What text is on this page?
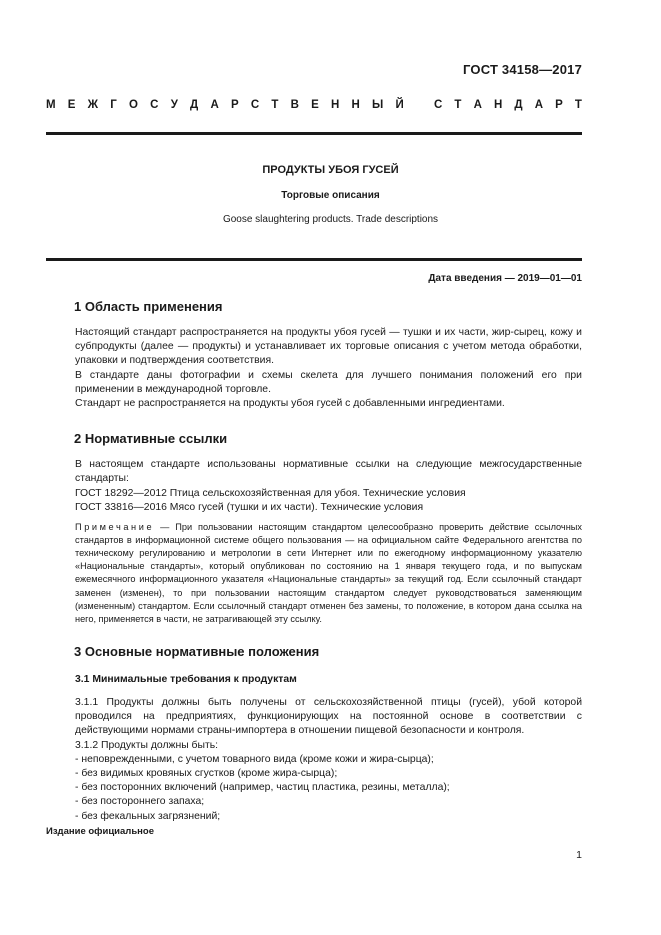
ГОСТ 34158—2017
М Е Ж Г О С У Д А Р С Т В Е Н Н Ы Й	С Т А Н Д А Р Т
ПРОДУКТЫ УБОЯ ГУСЕЙ
Торговые описания
Goose slaughtering products. Trade descriptions
Дата введения — 2019—01—01
1 Область применения

Настоящий стандарт распространяется на продукты убоя гусей — тушки и их части, жир-сырец, кожу и субпродукты (далее — продукты) и устанавливает их торговые описания с учетом метода обработки, упаковки и подтверждения соответствия.

В стандарте даны фотографии и схемы скелета для лучшего понимания положений его при применении в международной торговле.

Стандарт не распространяется на продукты убоя гусей с добавленными ингредиентами.

2 Нормативные ссылки

В настоящем стандарте использованы нормативные ссылки на следующие межгосударственные стандарты:

ГОСТ 18292—2012 Птица сельскохозяйственная для убоя. Технические условия

ГОСТ 33816—2016 Мясо гусей (тушки и их части). Технические условия

Примечание — При пользовании настоящим стандартом целесообразно проверить действие ссылочных стандартов в информационной системе общего пользования — на официальном сайте Федерального агентства по техническому регулированию и метрологии в сети Интернет или по ежегодному информационному указателю «Национальные стандарты», который опубликован по состоянию на 1 января текущего года, и по выпускам ежемесячного информационного указателя «Национальные стандарты» за текущий год. Если ссылочный стандарт заменен (изменен), то при пользовании настоящим стандартом следует руководствоваться заменяющим (измененным) стандартом. Если ссылочный стандарт отменен без замены, то положение, в котором дана ссылка на него, применяется в части, не затрагивающей эту ссылку.

3 Основные нормативные положения
3.1 Минимальные требования к продуктам

3.1.1 Продукты должны быть получены от сельскохозяйственной птицы (гусей), убой которой проводился на предприятиях, функционирующих на постоянной основе в соответствии с действующими нормами страны-импортера в отношении пищевой безопасности и контроля.

3.1.2 Продукты должны быть:

- неповрежденными, с учетом товарного вида (кроме кожи и жира-сырца);

- без видимых кровяных сгустков (кроме жира-сырца);

- без посторонних включений (например, частиц пластика, резины, металла);

- без постороннего запаха;

- без фекальных загрязнений;

Издание официальное
1
